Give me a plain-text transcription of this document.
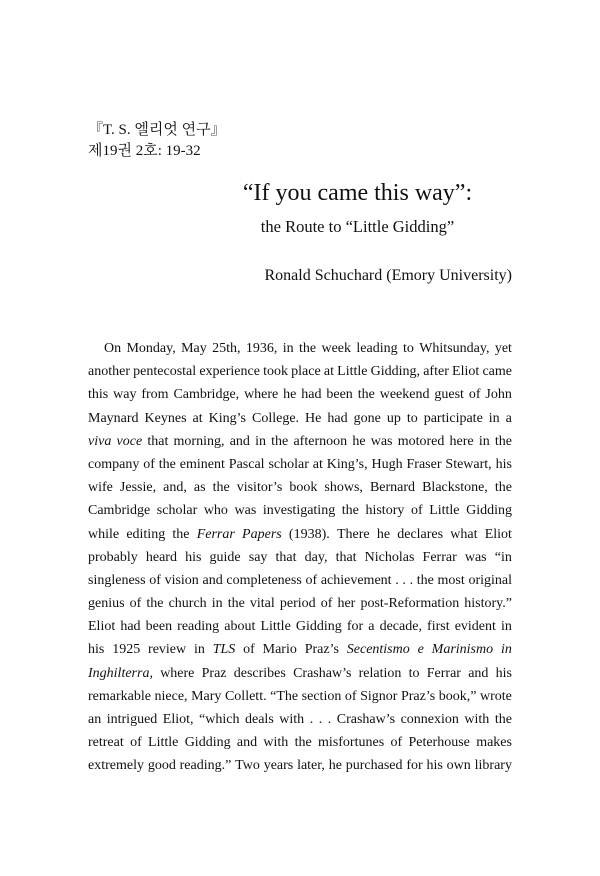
『T. S. 엘리엇 연구』
제19권 2호: 19-32
“If you came this way”:
the Route to “Little Gidding”
Ronald Schuchard (Emory University)
On Monday, May 25th, 1936, in the week leading to Whitsunday, yet
another pentecostal experience took place at Little Gidding, after Eliot came
this way from Cambridge, where he had been the weekend guest of John
Maynard Keynes at King’s College. He had gone up to participate in a
viva voce that morning, and in the afternoon he was motored here in the
company of the eminent Pascal scholar at King’s, Hugh Fraser Stewart, his
wife Jessie, and, as the visitor’s book shows, Bernard Blackstone, the
Cambridge scholar who was investigating the history of Little Gidding
while editing the Ferrar Papers (1938). There he declares what Eliot
probably heard his guide say that day, that Nicholas Ferrar was “in
singleness of vision and completeness of achievement . . . the most original
genius of the church in the vital period of her post-Reformation history.”
Eliot had been reading about Little Gidding for a decade, first evident in
his 1925 review in TLS of Mario Praz’s Secentismo e Marinismo in
Inghilterra, where Praz describes Crashaw’s relation to Ferrar and his
remarkable niece, Mary Collett. “The section of Signor Praz’s book,” wrote
an intrigued Eliot, “which deals with . . . Crashaw’s connexion with the
retreat of Little Gidding and with the misfortunes of Peterhouse makes
extremely good reading.” Two years later, he purchased for his own library
